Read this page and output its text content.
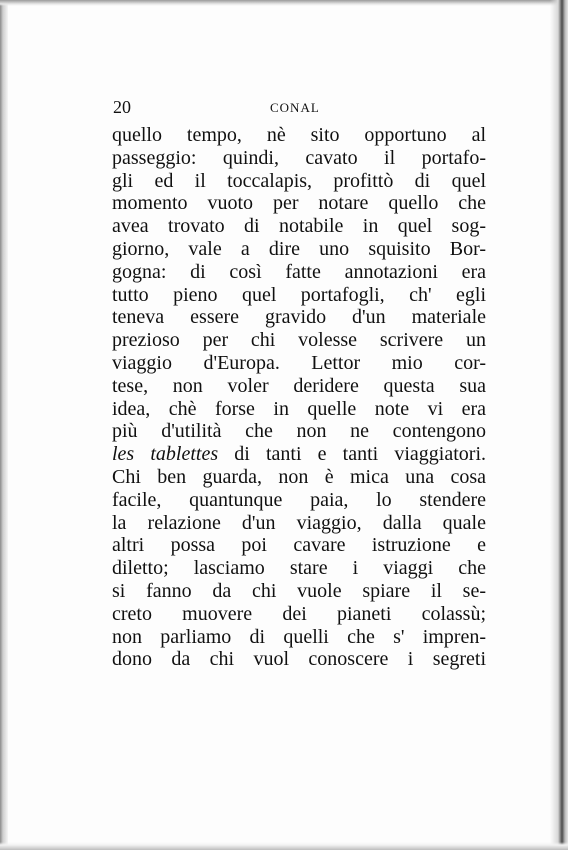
20	CONAL
quello tempo, nè sito opportuno al
passeggio: quindi, cavato il portafo-
gli ed il toccalapis, profittò di quel
momento vuoto per notare quello che
avea trovato di notabile in quel sog-
giorno, vale a dire uno squisito Bor-
gogna: di così fatte annotazioni era
tutto pieno quel portafogli, ch' egli
teneva essere gravido d'un materiale
prezioso per chi volesse scrivere un
viaggio d'Europa. Lettor mio cor-
tese, non voler deridere questa sua
idea, chè forse in quelle note vi era
più d'utilità che non ne contengono
les tablettes di tanti e tanti viaggiatori.
Chi ben guarda, non è mica una cosa
facile, quantunque paia, lo stendere
la relazione d'un viaggio, dalla quale
altri possa poi cavare istruzione e
diletto; lasciamo stare i viaggi che
si fanno da chi vuole spiare il se-
creto muovere dei pianeti colassù;
non parliamo di quelli che s' impren-
dono da chi vuol conoscere i segreti
